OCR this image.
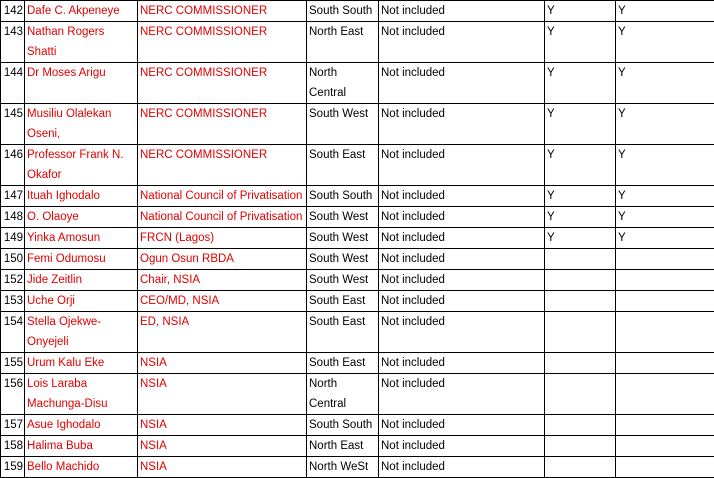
142	Dafe C. Akpeneye	NERC COMMISSIONER	South South	Not included	Y	Y
143	Nathan Rogers Shatti	NERC COMMISSIONER	North East	Not included	Y	Y
144	Dr Moses Arigu	NERC COMMISSIONER	North Central	Not included	Y	Y
145	Musiliu Olalekan Oseni,	NERC COMMISSIONER	South West	Not included	Y	Y
146	Professor Frank N. Okafor	NERC COMMISSIONER	South East	Not included	Y	Y
147	Ituah Ighodalo	National Council of Privatisation	South South	Not included	Y	Y
148	O. Olaoye	National Council of Privatisation	South West	Not included	Y	Y
149	Yinka Amosun	FRCN (Lagos)	South West	Not included	Y	Y
150	Femi Odumosu	Ogun Osun RBDA	South West	Not included		
152	Jide Zeitlin	Chair, NSIA	South West	Not included		
153	Uche Orji	CEO/MD, NSIA	South East	Not included		
154	Stella Ojekwe-Onyejeli	ED, NSIA	South East	Not included		
155	Urum Kalu Eke	NSIA	South East	Not included		
156	Lois Laraba Machunga-Disu	NSIA	North Central	Not included		
157	Asue Ighodalo	NSIA	South South	Not included		
158	Halima Buba	NSIA	North East	Not included		
159	Bello Machido	NSIA	North WeSt	Not included		
